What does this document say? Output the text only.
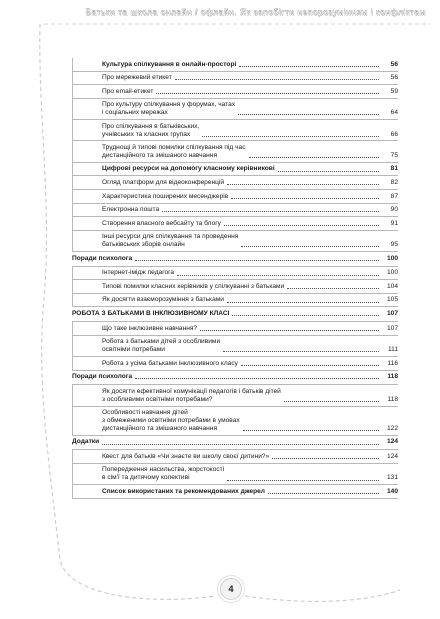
Батьки та школа онлайн / офлайн. Як запобігти непорозумінням і конфліктам
Культура спілкування в онлайн-просторі	56
Про мережевий етикет	56
Про email-етикет	59
Про культуру спілкування у форумах, чатах
і соціальних мережах	64
Про спілкування в батьківських,
учнівських та класних групах	66
Труднощі й типові помилки спілкування під час
дистанційного та змішаного навчання	75
Цифрові ресурси на допомогу класному керівникові	81
Огляд платформ для відеоконференцій	82
Характеристика поширених месенджерів	87
Електронна пошта	90
Створення власного вебсайту та блогу	91
Інші ресурси для спілкування та проведення
батьківських зборів онлайн	95
Поради психолога	100
Інтернет-імідж педагога	100
Типові помилки класних керівників у спілкуванні з батьками	104
Як досягти взаєморозуміння з батьками	105
РОБОТА З БАТЬКАМИ В ІНКЛЮЗИВНОМУ КЛАСІ	107
Що таке інклюзивне навчання?	107
Робота з батьками дітей з особливими
освітніми потребами	111
Робота з усіма батьками інклюзивного класу	116
Поради психолога	118
Як досягти ефективної комунікації педагогів і батьків дітей
з особливими освітніми потребами?	118
Особливості навчання дітей
з обмеженими освітніми потребами в умовах
дистанційного та змішаного навчання	122
Додатки	124
Квест для батьків «Чи знаєте ви школу своєї дитини?»	124
Попередження насильства, жорстокості
в сім'ї та дитячому колективі	131
Список використаних та рекомендованих джерел	140
4
